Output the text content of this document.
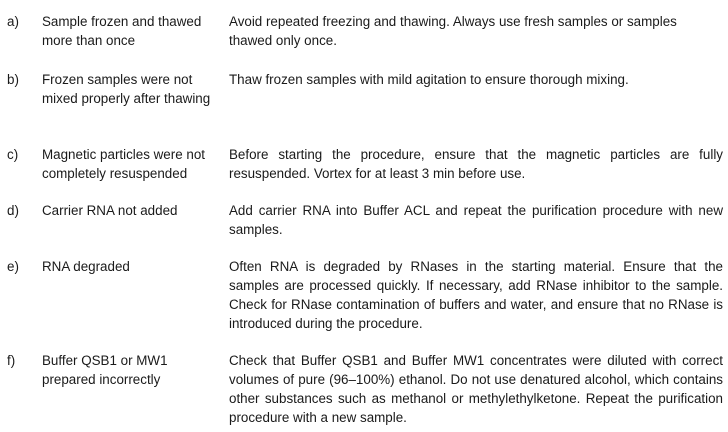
a) Sample frozen and thawed more than once
Avoid repeated freezing and thawing. Always use fresh samples or samples thawed only once.
b) Frozen samples were not mixed properly after thawing
Thaw frozen samples with mild agitation to ensure thorough mixing.
c) Magnetic particles were not completely resuspended
Before starting the procedure, ensure that the magnetic particles are fully resuspended. Vortex for at least 3 min before use.
d) Carrier RNA not added	Add carrier RNA into Buffer ACL and repeat the purification procedure with new samples.
e) RNA degraded	Often RNA is degraded by RNases in the starting material. Ensure that the samples are processed quickly. If necessary, add RNase inhibitor to the sample. Check for RNase contamination of buffers and water, and ensure that no RNase is introduced during the procedure.
f) Buffer QSB1 or MW1 prepared incorrectly
Check that Buffer QSB1 and Buffer MW1 concentrates were diluted with correct volumes of pure (96–100%) ethanol. Do not use denatured alcohol, which contains other substances such as methanol or methylethylketone. Repeat the purification procedure with a new sample.
